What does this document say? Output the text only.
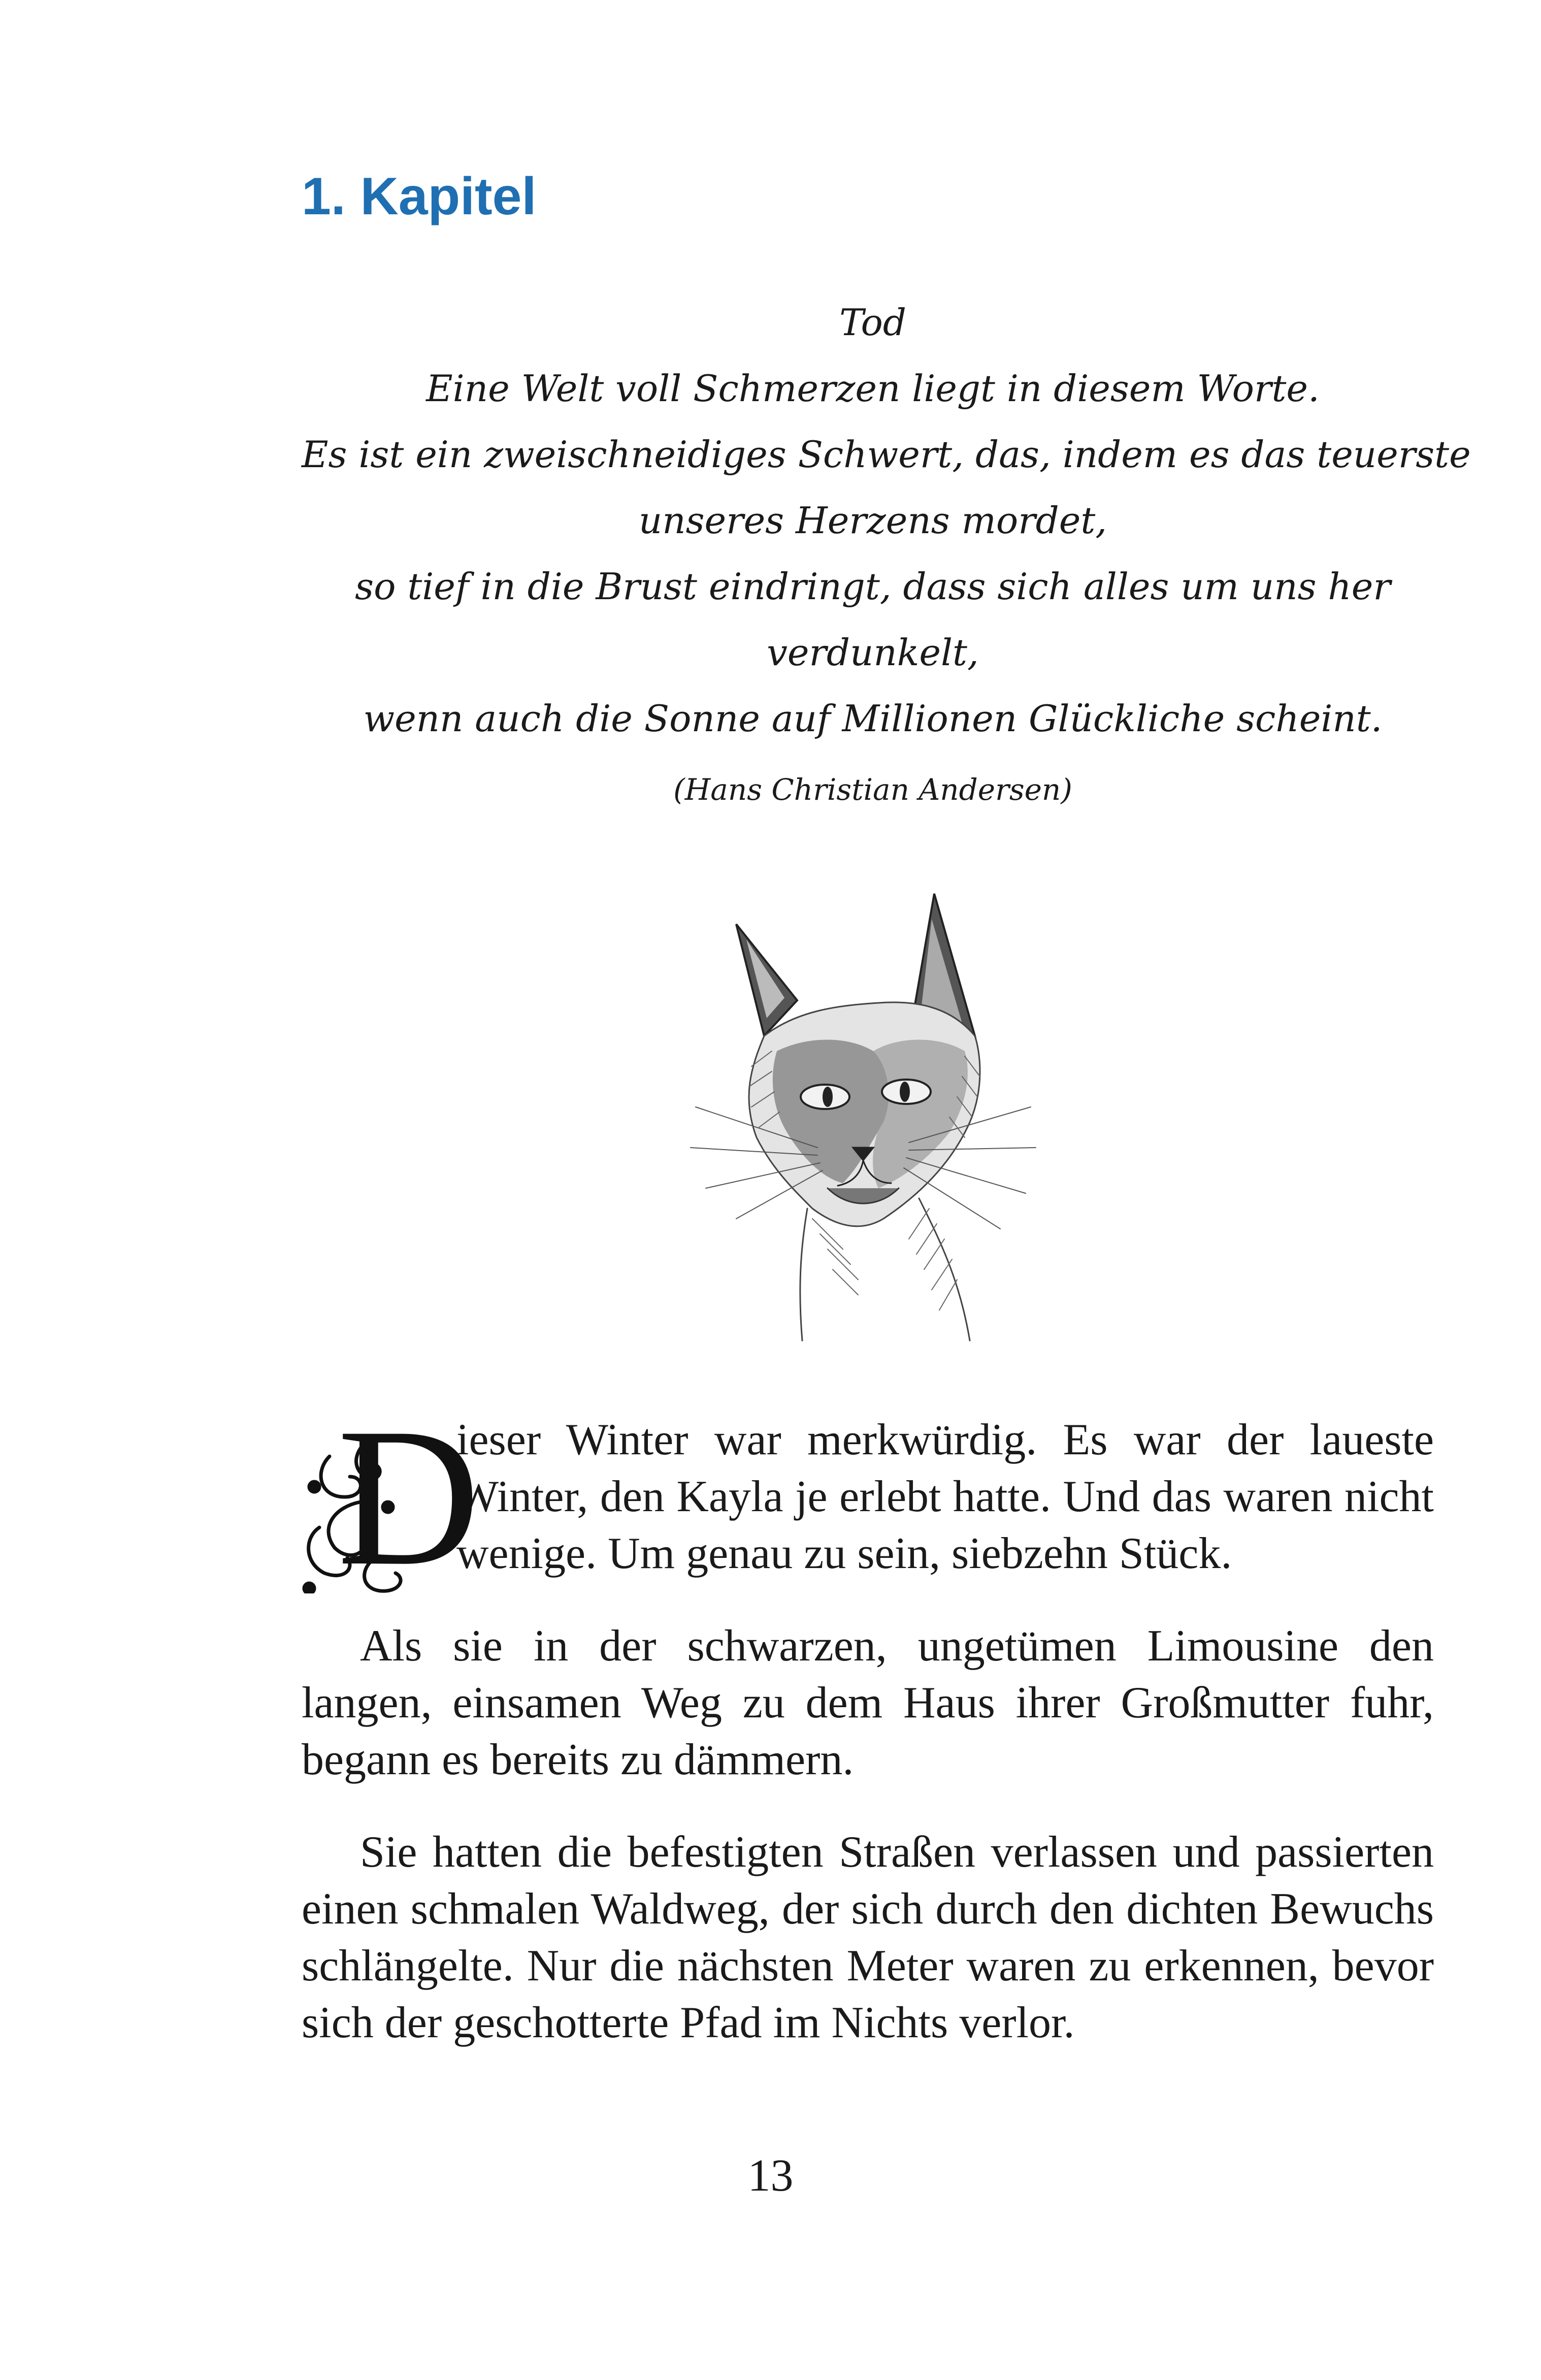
1. Kapitel
Tod
Eine Welt voll Schmerzen liegt in diesem Worte.
Es ist ein zweischneidiges Schwert, das, indem es das teuerste
unseres Herzens mordet,
so tief in die Brust eindringt, dass sich alles um uns her
verdunkelt,
wenn auch die Sonne auf Millionen Glückliche scheint.
(Hans Christian Andersen)

D
ieser Winter war merkwürdig. Es war der laueste Winter, den Kayla je erlebt hatte. Und das waren nicht wenige. Um genau zu sein, siebzehn Stück.

Als sie in der schwarzen, ungetümen Limousine den langen, einsamen Weg zu dem Haus ihrer Großmutter fuhr, begann es bereits zu dämmern.

Sie hatten die befestigten Straßen verlassen und passierten einen schmalen Waldweg, der sich durch den dichten Bewuchs schlängelte. Nur die nächsten Meter waren zu erkennen, bevor sich der geschotterte Pfad im Nichts verlor.

13
